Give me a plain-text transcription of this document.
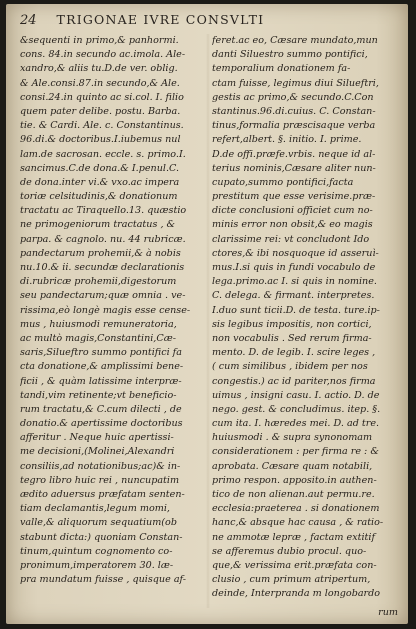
24 TRIGONAE IVRE CONSVLTI
&sequenti in primo,& panhormi.
cons. 84.in secundo ac.imola. Ale-
xandro,& aliis tu.D.de ver. oblig.
& Ale.consi.87.in secundo,& Ale.
consi.24.in quinto ac si.col. I. filio
quem pater delibe. postu. Barba.
tie. & Cardi. Ale. c. Constantinus.
96.di.& doctoribus.I.iubemus nul
lam.de sacrosan. eccle. s. primo.I.
sancimus.C.de dona.& I.penul.C.
de dona.inter vi.& vxo.ac impera
toriæ celsitudinis,& donationum
tractatu ac Tiraquello.13. quæstio
ne primogeniorum tractatus , &
parpa. & cagnolo. nu. 44 rubricæ.
pandectarum prohemii,& à nobis
nu.10.& ii. secundæ declarationis
di.rubricæ prohemii,digestorum
seu pandectarum;quæ omnia . ve-
rissima,eò longè magis esse cense-
mus , huiusmodi remuneratoria,
ac multò magis,Constantini,Cæ-
saris,Silueftro summo pontifici fa
cta donatione,& amplissimi bene-
ficii , & quàm latissime interpræ-
tandi,vim retinente;vt beneficio-
rum tractatu,& C.cum dilecti , de
donatio.& apertissime doctoribus
afferitur . Neque huic apertissi-
me decisioni,(Molinei,Alexandri
consiliis,ad notationibus;ac)& in-
tegro libro huic rei , nuncupatim
ædito aduersus præfatam senten-
tiam declamantis,legum momi,
valle,& aliquorum sequatium(ob
stabunt dicta:) quoniam Constan-
tinum,quintum cognomento co-
pronimum,imperatorem 30. læ-
pra mundatum fuisse , quisque af-
feret.ac eo, Cæsare mundato,mun
danti Siluestro summo pontifici,
temporalium donationem fa-
ctam fuisse, legimus diui Silueftri,
gestis ac primo,& secundo.C.Con
stantinus.96.di.cuius. C. Constan-
tinus,formalia præscisaque verba
refert,albert. §. initio. I. prime.
D.de offi.præfe.vrbis. neque id al-
terius nominis,Cæsare aliter nun-
cupato,summo pontifici,facta
prestitum que esse verisime.præ-
dicte conclusioni officiet cum no-
minis error non obsit,& eo magis
clarissime rei: vt concludont Ido
ctores,& ibi nosquoque id asseruì-
mus.I.si quis in fundi vocabulo de
lega.primo.ac I. si quis in nomine.
C. delega. & firmant. interpretes.
I.duo sunt ticii.D. de testa. ture.ip-
sis legibus impositis, non cortici,
non vocabulis . Sed rerum firma-
mento. D. de legib. I. scire leges ,
( cum similibus , ibidem per nos
congestis.) ac id pariter,nos firma
uimus , insigni casu. I. actio. D. de
nego. gest. & concludimus. itep. §.
cum ita. I. hæredes mei. D. ad tre.
huiusmodi . & supra synonomam
considerationem : per firma re : &
aprobata. Cæsare quam notabili,
primo respon. apposito.in authen-
tico de non alienan.aut permu.re.
ecclesia:praeterea . si donationem
hanc,& absque hac causa , & ratio-
ne ammotæ lepræ , factam extitif
se afferemus dubio procul. quo-
que,& verissima erit.præfata con-
clusio , cum primum atripertum,
deinde, Interpranda m longobardo
rum
